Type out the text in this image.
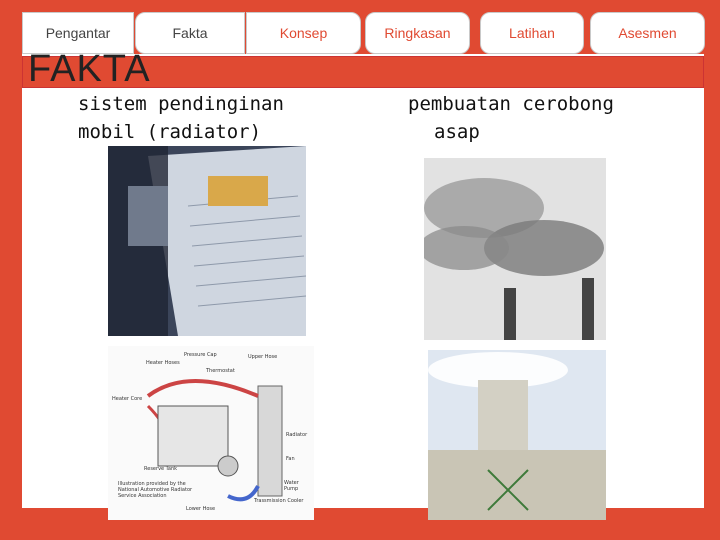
Pengantar	Fakta	Konsep	Ringkasan	Latihan	Asesmen
FAKTA
sistem pendinginan
mobil (radiator)
pembuatan cerobong
asap
Heater Hoses
Pressure Cap	Upper Hose
Thermostat
Heater Core
Radiator
Fan
Reserve Tank
Water Pump
Lower Hose
Trassmission Cooler
Illustration provided by the National Automotive Radiator Service Association
